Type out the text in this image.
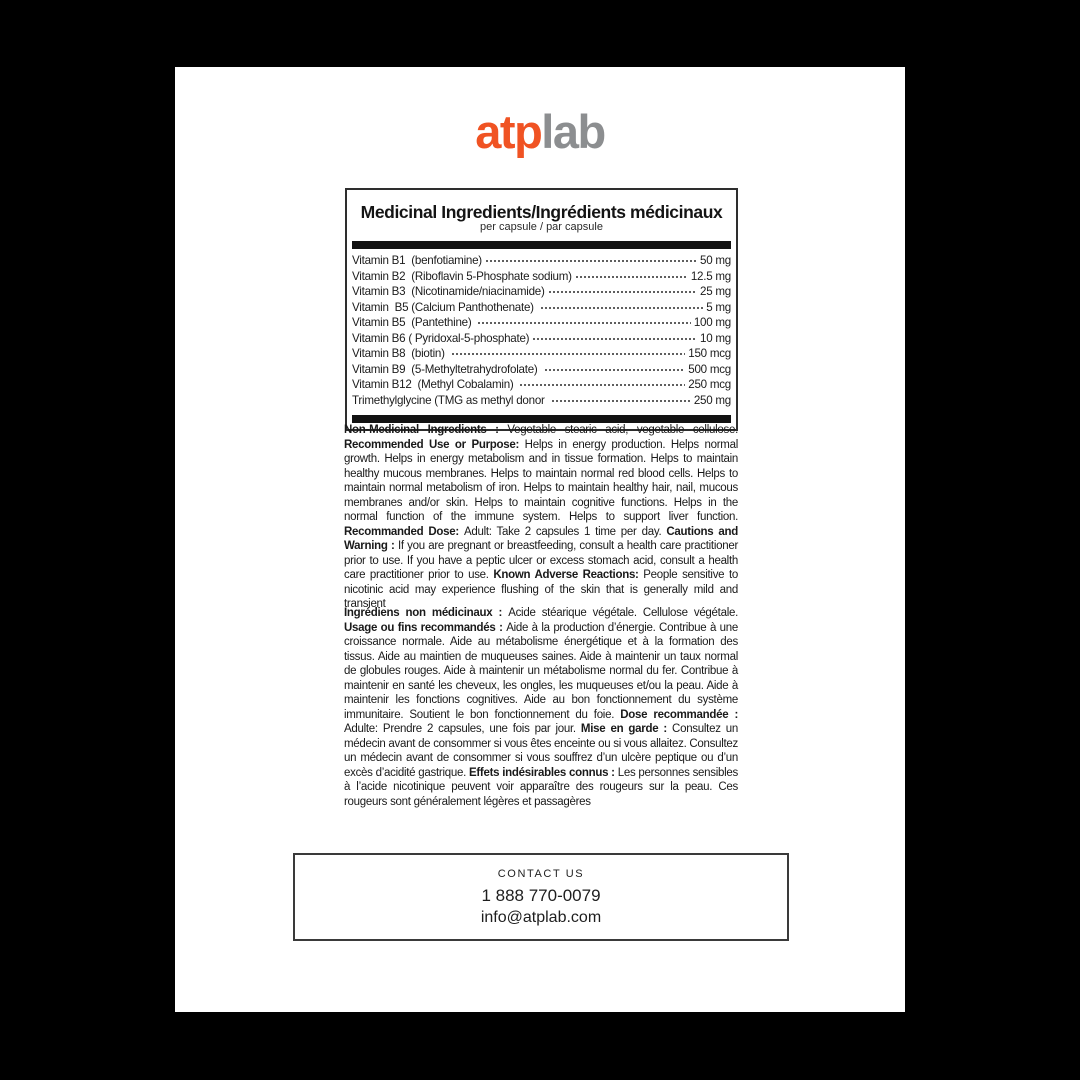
atplab
Medicinal Ingredients/Ingrédients médicinaux
per capsule / par capsule
Vitamin B1  (benfotiamine)	50 mg
Vitamin B2  (Riboflavin 5-Phosphate sodium)	12.5 mg
Vitamin B3  (Nicotinamide/niacinamide)	25 mg
Vitamin  B5 (Calcium Panthothenate)	5 mg
Vitamin B5  (Pantethine)	100 mg
Vitamin B6 ( Pyridoxal-5-phosphate)	10 mg
Vitamin B8  (biotin)	150 mcg
Vitamin B9  (5-Methyltetrahydrofolate)	500 mcg
Vitamin B12  (Methyl Cobalamin)	250 mcg
Trimethylglycine (TMG as methyl donor	250 mg
Non-Medicinal Ingredients : Vegetable stearic acid, vegetable cellulose. Recommended Use or Purpose: Helps in energy production. Helps normal growth. Helps in energy metabolism and in tissue formation. Helps to maintain healthy mucous membranes. Helps to maintain normal red blood cells. Helps to maintain normal metabolism of iron. Helps to maintain healthy hair, nail, mucous membranes and/or skin. Helps to maintain cognitive functions. Helps in the normal function of the immune system. Helps to support liver function. Recommanded Dose: Adult: Take 2 capsules 1 time per day. Cautions and Warning : If you are pregnant or breastfeeding, consult a health care practitioner prior to use. If you have a peptic ulcer or excess stomach acid, consult a health care practitioner prior to use. Known Adverse Reactions: People sensitive to nicotinic acid may experience flushing of the skin that is generally mild and transient
Ingrédiens non médicinaux : Acide stéarique végétale. Cellulose végétale. Usage ou fins recommandés : Aide à la production d’énergie. Contribue à une croissance normale. Aide au métabolisme énergétique et à la formation des tissus. Aide au maintien de muqueuses saines. Aide à maintenir un taux normal de globules rouges. Aide à maintenir un métabolisme normal du fer. Contribue à maintenir en santé les cheveux, les ongles, les muqueuses et/ou la peau. Aide à maintenir les fonctions cognitives. Aide au bon fonctionnement du système immunitaire. Soutient le bon fonctionnement du foie. Dose recommandée : Adulte: Prendre 2 capsules, une fois par jour. Mise en garde : Consultez un médecin avant de consommer si vous êtes enceinte ou si vous allaitez. Consultez un médecin avant de consommer si vous souffrez d’un ulcère peptique ou d’un excès d’acidité gastrique. Effets indésirables connus : Les personnes sensibles à l’acide nicotinique peuvent voir apparaître des rougeurs sur la peau. Ces rougeurs sont généralement légères et passagères
CONTACT US
1 888 770-0079
info@atplab.com
